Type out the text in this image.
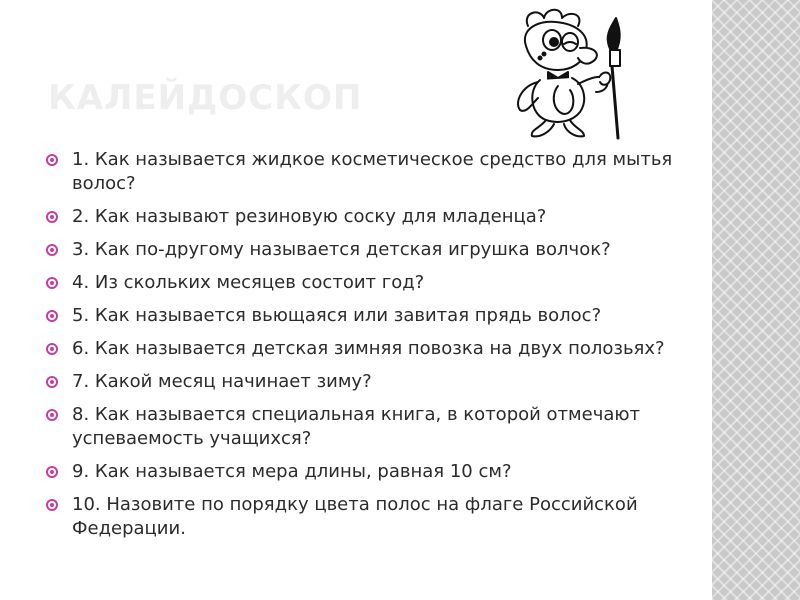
КАЛЕЙДОСКОП
1. Как называется жидкое косметическое средство для мытья волос?
2. Как называют резиновую соску для младенца?
3. Как по-другому называется детская игрушка волчок?
4. Из скольких месяцев состоит год?
5. Как называется вьющаяся или завитая прядь волос?
6. Как называется детская зимняя повозка на двух полозьях?
7. Какой месяц начинает зиму?
8. Как называется специальная книга, в которой отмечают успеваемость учащихся?
9. Как называется мера длины, равная 10 см?
10. Назовите по порядку цвета полос на флаге Российской Федерации.
